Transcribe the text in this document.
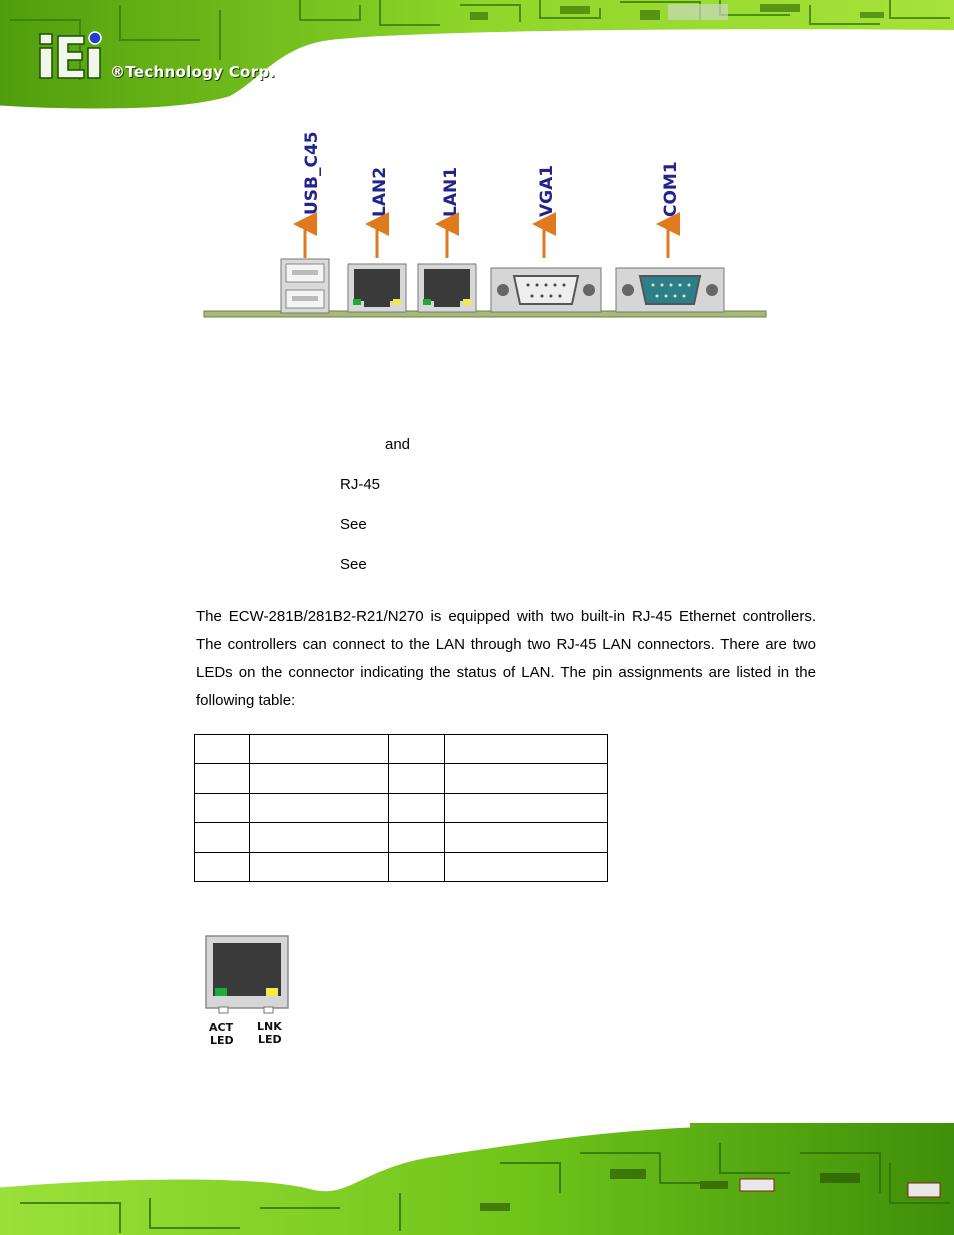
®Technology Corp.
USB_C45	LAN2	LAN1	VGA1	COM1
and
RJ-45
See
See
The ECW-281B/281B2-R21/N270 is equipped with two built-in RJ-45 Ethernet controllers. The controllers can connect to the LAN through two RJ-45 LAN connectors. There are two LEDs on the connector indicating the status of LAN. The pin assignments are listed in the following table:

ACT
LED
LNK
LED
